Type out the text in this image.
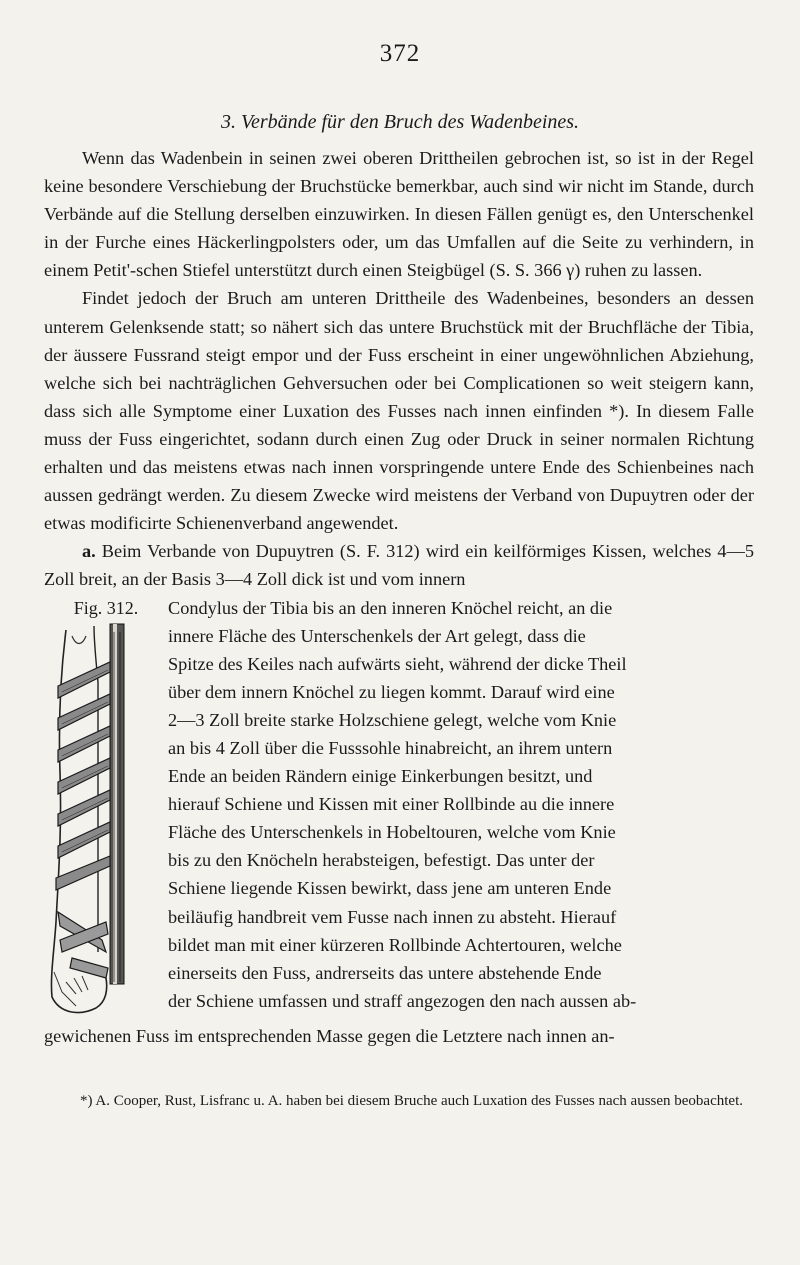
372
3. Verbände für den Bruch des Wadenbeines.

Wenn das Wadenbein in seinen zwei oberen Drittheilen gebrochen ist, so ist in der Regel keine besondere Verschiebung der Bruchstücke bemerkbar, auch sind wir nicht im Stande, durch Verbände auf die Stellung derselben einzuwirken. In diesen Fällen genügt es, den Unterschenkel in der Furche eines Häckerlingpolsters oder, um das Umfallen auf die Seite zu verhindern, in einem Petit'-schen Stiefel unterstützt durch einen Steigbügel (S. S. 366 γ) ruhen zu lassen.

Findet jedoch der Bruch am unteren Drittheile des Wadenbeines, besonders an dessen unterem Gelenksende statt; so nähert sich das untere Bruchstück mit der Bruchfläche der Tibia, der äussere Fussrand steigt empor und der Fuss erscheint in einer ungewöhnlichen Abziehung, welche sich bei nachträglichen Gehversuchen oder bei Complicationen so weit steigern kann, dass sich alle Symptome einer Luxation des Fusses nach innen einfinden *). In diesem Falle muss der Fuss eingerichtet, sodann durch einen Zug oder Druck in seiner normalen Richtung erhalten und das meistens etwas nach innen vorspringende untere Ende des Schienbeines nach aussen gedrängt werden. Zu diesem Zwecke wird meistens der Verband von Dupuytren oder der etwas modificirte Schienenverband angewendet.

a. Beim Verbande von Dupuytren (S. F. 312) wird ein keilförmiges Kissen, welches 4—5 Zoll breit, an der Basis 3—4 Zoll dick ist und vom innern

Fig. 312.	Condylus der Tibia bis an den inneren Knöchel reicht, an die
innere Fläche des Unterschenkels der Art gelegt, dass die
Spitze des Keiles nach aufwärts sieht, während der dicke Theil
über dem innern Knöchel zu liegen kommt. Darauf wird eine
2—3 Zoll breite starke Holzschiene gelegt, welche vom Knie
an bis 4 Zoll über die Fusssohle hinabreicht, an ihrem untern
Ende an beiden Rändern einige Einkerbungen besitzt, und
hierauf Schiene und Kissen mit einer Rollbinde au die innere
Fläche des Unterschenkels in Hobeltouren, welche vom Knie
bis zu den Knöcheln herabsteigen, befestigt. Das unter der
Schiene liegende Kissen bewirkt, dass jene am unteren Ende
beiläufig handbreit vem Fusse nach innen zu absteht. Hierauf
bildet man mit einer kürzeren Rollbinde Achtertouren, welche
einerseits den Fuss, andrerseits das untere abstehende Ende
der Schiene umfassen und straff angezogen den nach aussen ab-

gewichenen Fuss im entsprechenden Masse gegen die Letztere nach innen an-

*) A. Cooper, Rust, Lisfranc u. A. haben bei diesem Bruche auch Luxation des Fusses nach aussen beobachtet.
